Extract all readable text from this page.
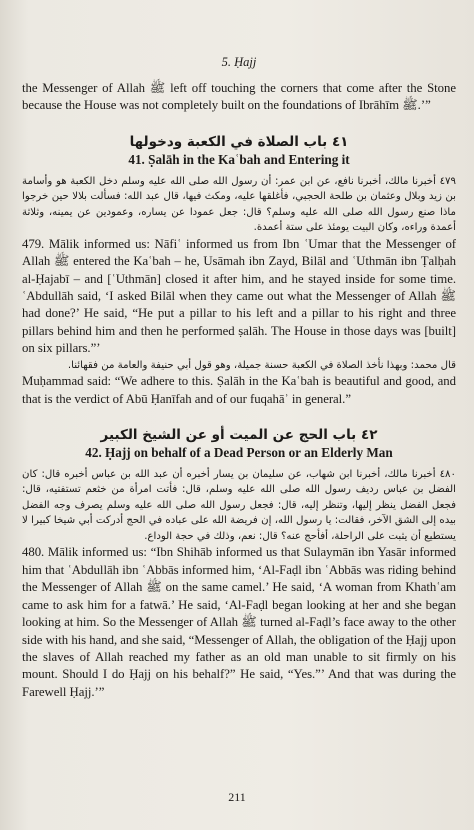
5. Ḥajj

the Messenger of Allah ﷺ left off touching the corners that come after the Stone because the House was not completely built on the foundations of Ibrāhīm ﷺ.’”

٤١ باب الصلاة في الكعبة ودخولها
41. Ṣalāh in the Kaʿbah and Entering it

٤٧٩ أخبرنا مالك، أخبرنا نافع، عن ابن عمر: أن رسول الله صلى الله عليه وسلم دخل الكعبة هو وأسامة بن زيد وبلال وعثمان بن طلحة الحجبي، فأغلقها عليه، ومكث فيها، قال عبد الله: فسألت بلالا حين خرجوا ماذا صنع رسول الله صلى الله عليه وسلم؟ قال: جعل عمودا عن يساره، وعمودين عن يمينه، وثلاثة أعمدة وراءه، وكان البيت يومئذ على ستة أعمدة.

479. Mālik informed us: Nāfiʿ informed us from Ibn ʿUmar that the Messenger of Allah ﷺ entered the Kaʿbah – he, Usāmah ibn Zayd, Bilāl and ʿUthmān ibn Ṭalḥah al-Ḥajabī – and [ʿUthmān] closed it after him, and he stayed inside for some time. ʿAbdullāh said, ‘I asked Bilāl when they came out what the Messenger of Allah ﷺ had done?’ He said, “He put a pillar to his left and a pillar to his right and three pillars behind him and then he performed ṣalāh. The House in those days was [built] on six pillars.”’

قال محمد: وبهذا نأخذ الصلاة في الكعبة حسنة جميلة، وهو قول أبي حنيفة والعامة من فقهائنا.

Muḥammad said: “We adhere to this. Ṣalāh in the Kaʿbah is beautiful and good, and that is the verdict of Abū Ḥanīfah and of our fuqahāʾ in general.”

٤٢ باب الحج عن الميت أو عن الشيخ الكبير
42. Ḥajj on behalf of a Dead Person or an Elderly Man

٤٨٠ أخبرنا مالك، أخبرنا ابن شهاب، عن سليمان بن يسار أخبره أن عبد الله بن عباس أخبره قال: كان الفضل بن عباس رديف رسول الله صلى الله عليه وسلم، قال: فأتت امرأة من خثعم تستفتيه، قال: فجعل الفضل ينظر إليها، وتنظر إليه، قال: فجعل رسول الله صلى الله عليه وسلم يصرف وجه الفضل بيده إلى الشق الآخر، فقالت: يا رسول الله، إن فريضة الله على عباده في الحج أدركت أبي شيخا كبيرا لا يستطيع أن يثبت على الراحلة، أفأحج عنه؟ قال: نعم، وذلك في حجة الوداع.

480. Mālik informed us: “Ibn Shihāb informed us that Sulaymān ibn Yasār informed him that ʿAbdullāh ibn ʿAbbās informed him, ‘Al-Faḍl ibn ʿAbbās was riding behind the Messenger of Allah ﷺ on the same camel.’ He said, ‘A woman from Khathʿam came to ask him for a fatwā.’ He said, ‘Al-Faḍl began looking at her and she began looking at him. So the Messenger of Allah ﷺ turned al-Faḍl’s face away to the other side with his hand, and she said, “Messenger of Allah, the obligation of the Ḥajj upon the slaves of Allah reached my father as an old man unable to sit firmly on his mount. Should I do Ḥajj on his behalf?” He said, “Yes.”’ And that was during the Farewell Ḥajj.’”

211
